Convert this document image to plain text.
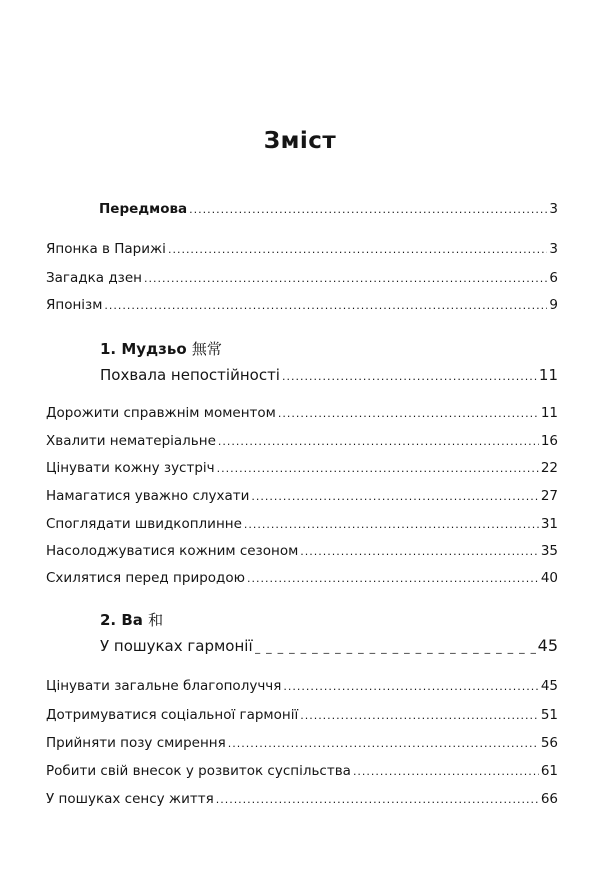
Зміст
Передмова .....	3
Японка в Парижі .....	3
Загадка дзен .....	6
Японізм .....	9
1. Мудзьо 無常
Похвала непостійності .....	11
Дорожити справжнім моментом .....	11
Хвалити нематеріальне .....	16
Цінувати кожну зустріч .....	22
Намагатися уважно слухати .....	27
Споглядати швидкоплинне .....	31
Насолоджуватися кожним сезоном .....	35
Схилятися перед природою .....	40
2. Ва 和
У пошуках гармонії _____	45
Цінувати загальне благополуччя .....	45
Дотримуватися соціальної гармонії .....	51
Прийняти позу смирення .....	56
Робити свій внесок у розвиток суспільства .....	61
У пошуках сенсу життя .....	66
